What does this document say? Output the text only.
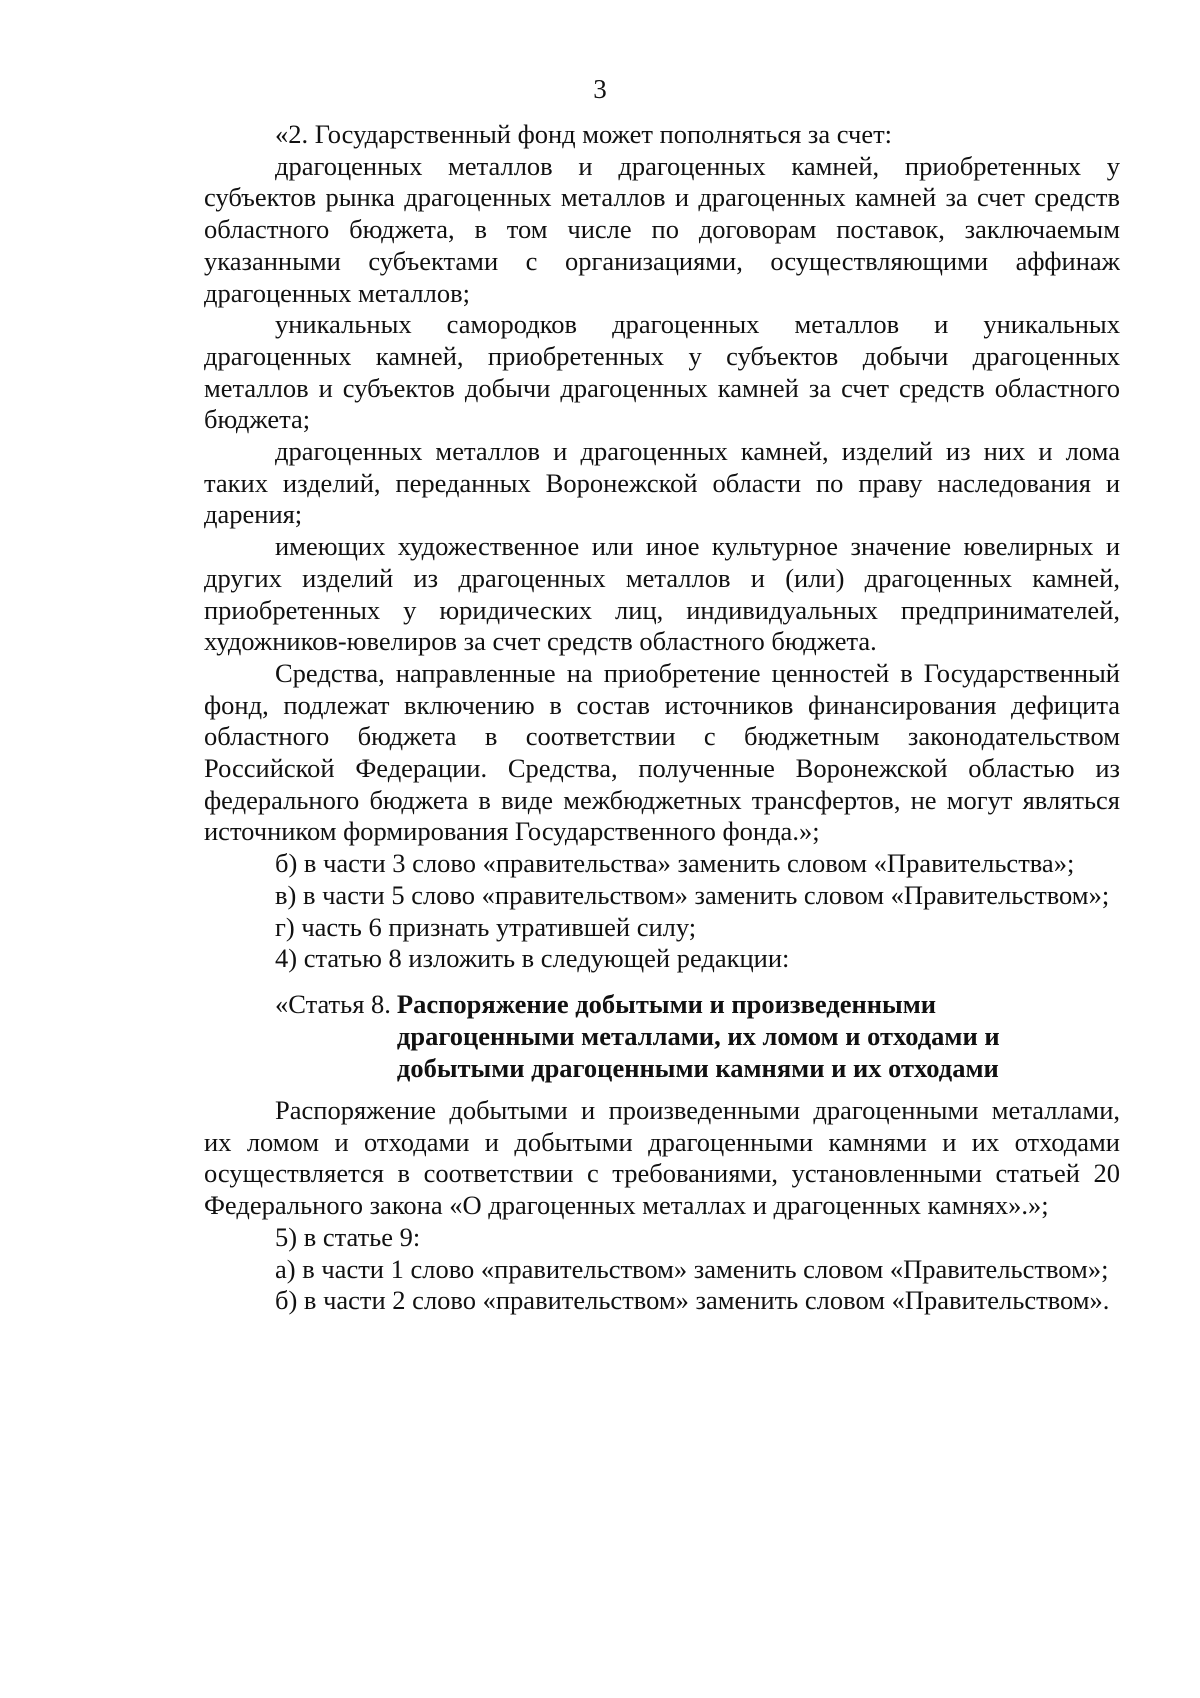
3

«2. Государственный фонд может пополняться за счет:

драгоценных металлов и драгоценных камней, приобретенных у субъектов рынка драгоценных металлов и драгоценных камней за счет средств областного бюджета, в том числе по договорам поставок, заключаемым указанными субъектами с организациями, осуществляющими аффинаж драгоценных металлов;

уникальных самородков драгоценных металлов и уникальных драгоценных камней, приобретенных у субъектов добычи драгоценных металлов и субъектов добычи драгоценных камней за счет средств областного бюджета;

драгоценных металлов и драгоценных камней, изделий из них и лома таких изделий, переданных Воронежской области по праву наследования и дарения;

имеющих художественное или иное культурное значение ювелирных и других изделий из драгоценных металлов и (или) драгоценных камней, приобретенных у юридических лиц, индивидуальных предпринимателей, художников-ювелиров за счет средств областного бюджета.

Средства, направленные на приобретение ценностей в Государственный фонд, подлежат включению в состав источников финансирования дефицита областного бюджета в соответствии с бюджетным законодательством Российской Федерации. Средства, полученные Воронежской областью из федерального бюджета в виде межбюджетных трансфертов, не могут являться источником формирования Государственного фонда.»;

б) в части 3 слово «правительства» заменить словом «Правительства»;

в) в части 5 слово «правительством» заменить словом «Правительством»;

г) часть 6 признать утратившей силу;

4) статью 8 изложить в следующей редакции:

«Статья 8. Распоряжение добытыми и произведенными драгоценными металлами, их ломом и отходами и добытыми драгоценными камнями и их отходами

Распоряжение добытыми и произведенными драгоценными металлами, их ломом и отходами и добытыми драгоценными камнями и их отходами осуществляется в соответствии с требованиями, установленными статьей 20 Федерального закона «О драгоценных металлах и драгоценных камнях».»;

5) в статье 9:

а) в части 1 слово «правительством» заменить словом «Правительством»;

б) в части 2 слово «правительством» заменить словом «Правительством».
